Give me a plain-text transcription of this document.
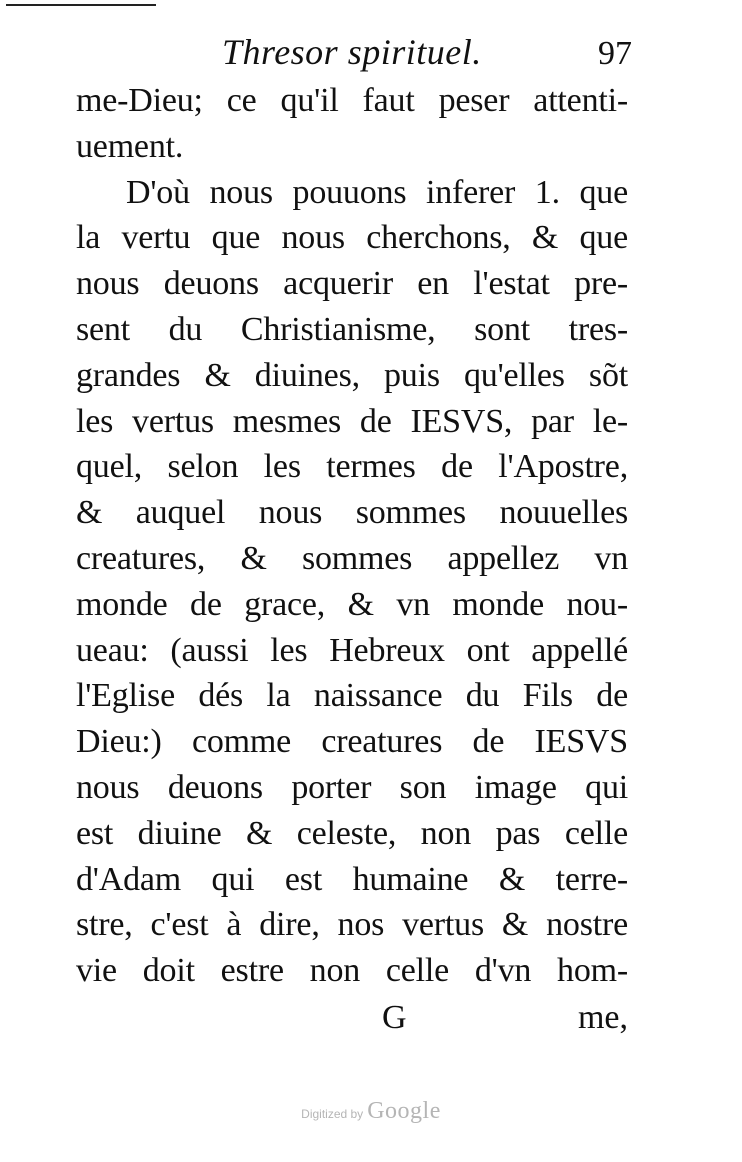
Thresor spirituel.	97
me-Dieu; ce qu'il faut peser attenti-
uement.
D'où nous pouuons inferer 1. que
la vertu que nous cherchons, & que
nous deuons acquerir en l'estat pre-
sent du Christianisme, sont tres-
grandes & diuines, puis qu'elles sõt
les vertus mesmes de IESVS, par le-
quel, selon les termes de l'Apostre,
& auquel nous sommes nouuelles
creatures, & sommes appellez vn
monde de grace, & vn monde nou-
ueau: (aussi les Hebreux ont appellé
l'Eglise dés la naissance du Fils de
Dieu:) comme creatures de IESVS
nous deuons porter son image qui
est diuine & celeste, non pas celle
d'Adam qui est humaine & terre-
stre, c'est à dire, nos vertus & nostre
vie doit estre non celle d'vn hom-
G	me,
Digitized by Google
